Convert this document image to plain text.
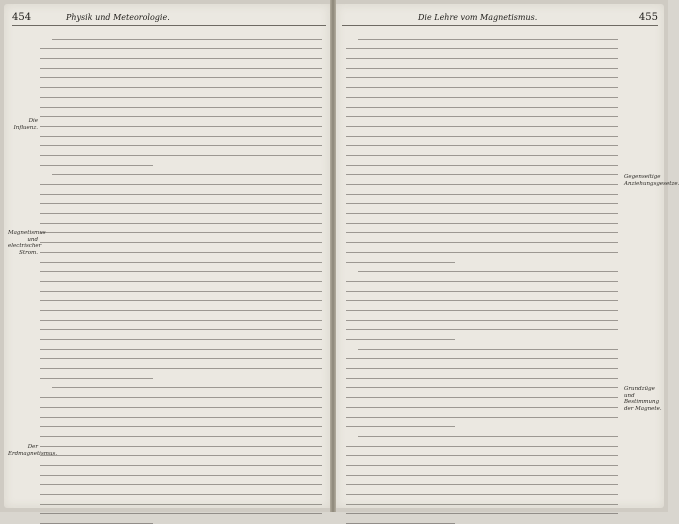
454	Physik und Meteorologie.
Die Influenz.
Magnetismus und electrischer Strom.
Der Erdmagnetismus.
Die Lehre vom Magnetismus.	455
Gegenseitige Anziehungsgesetze.
Grundzüge und Bestimmung der Magnete.
